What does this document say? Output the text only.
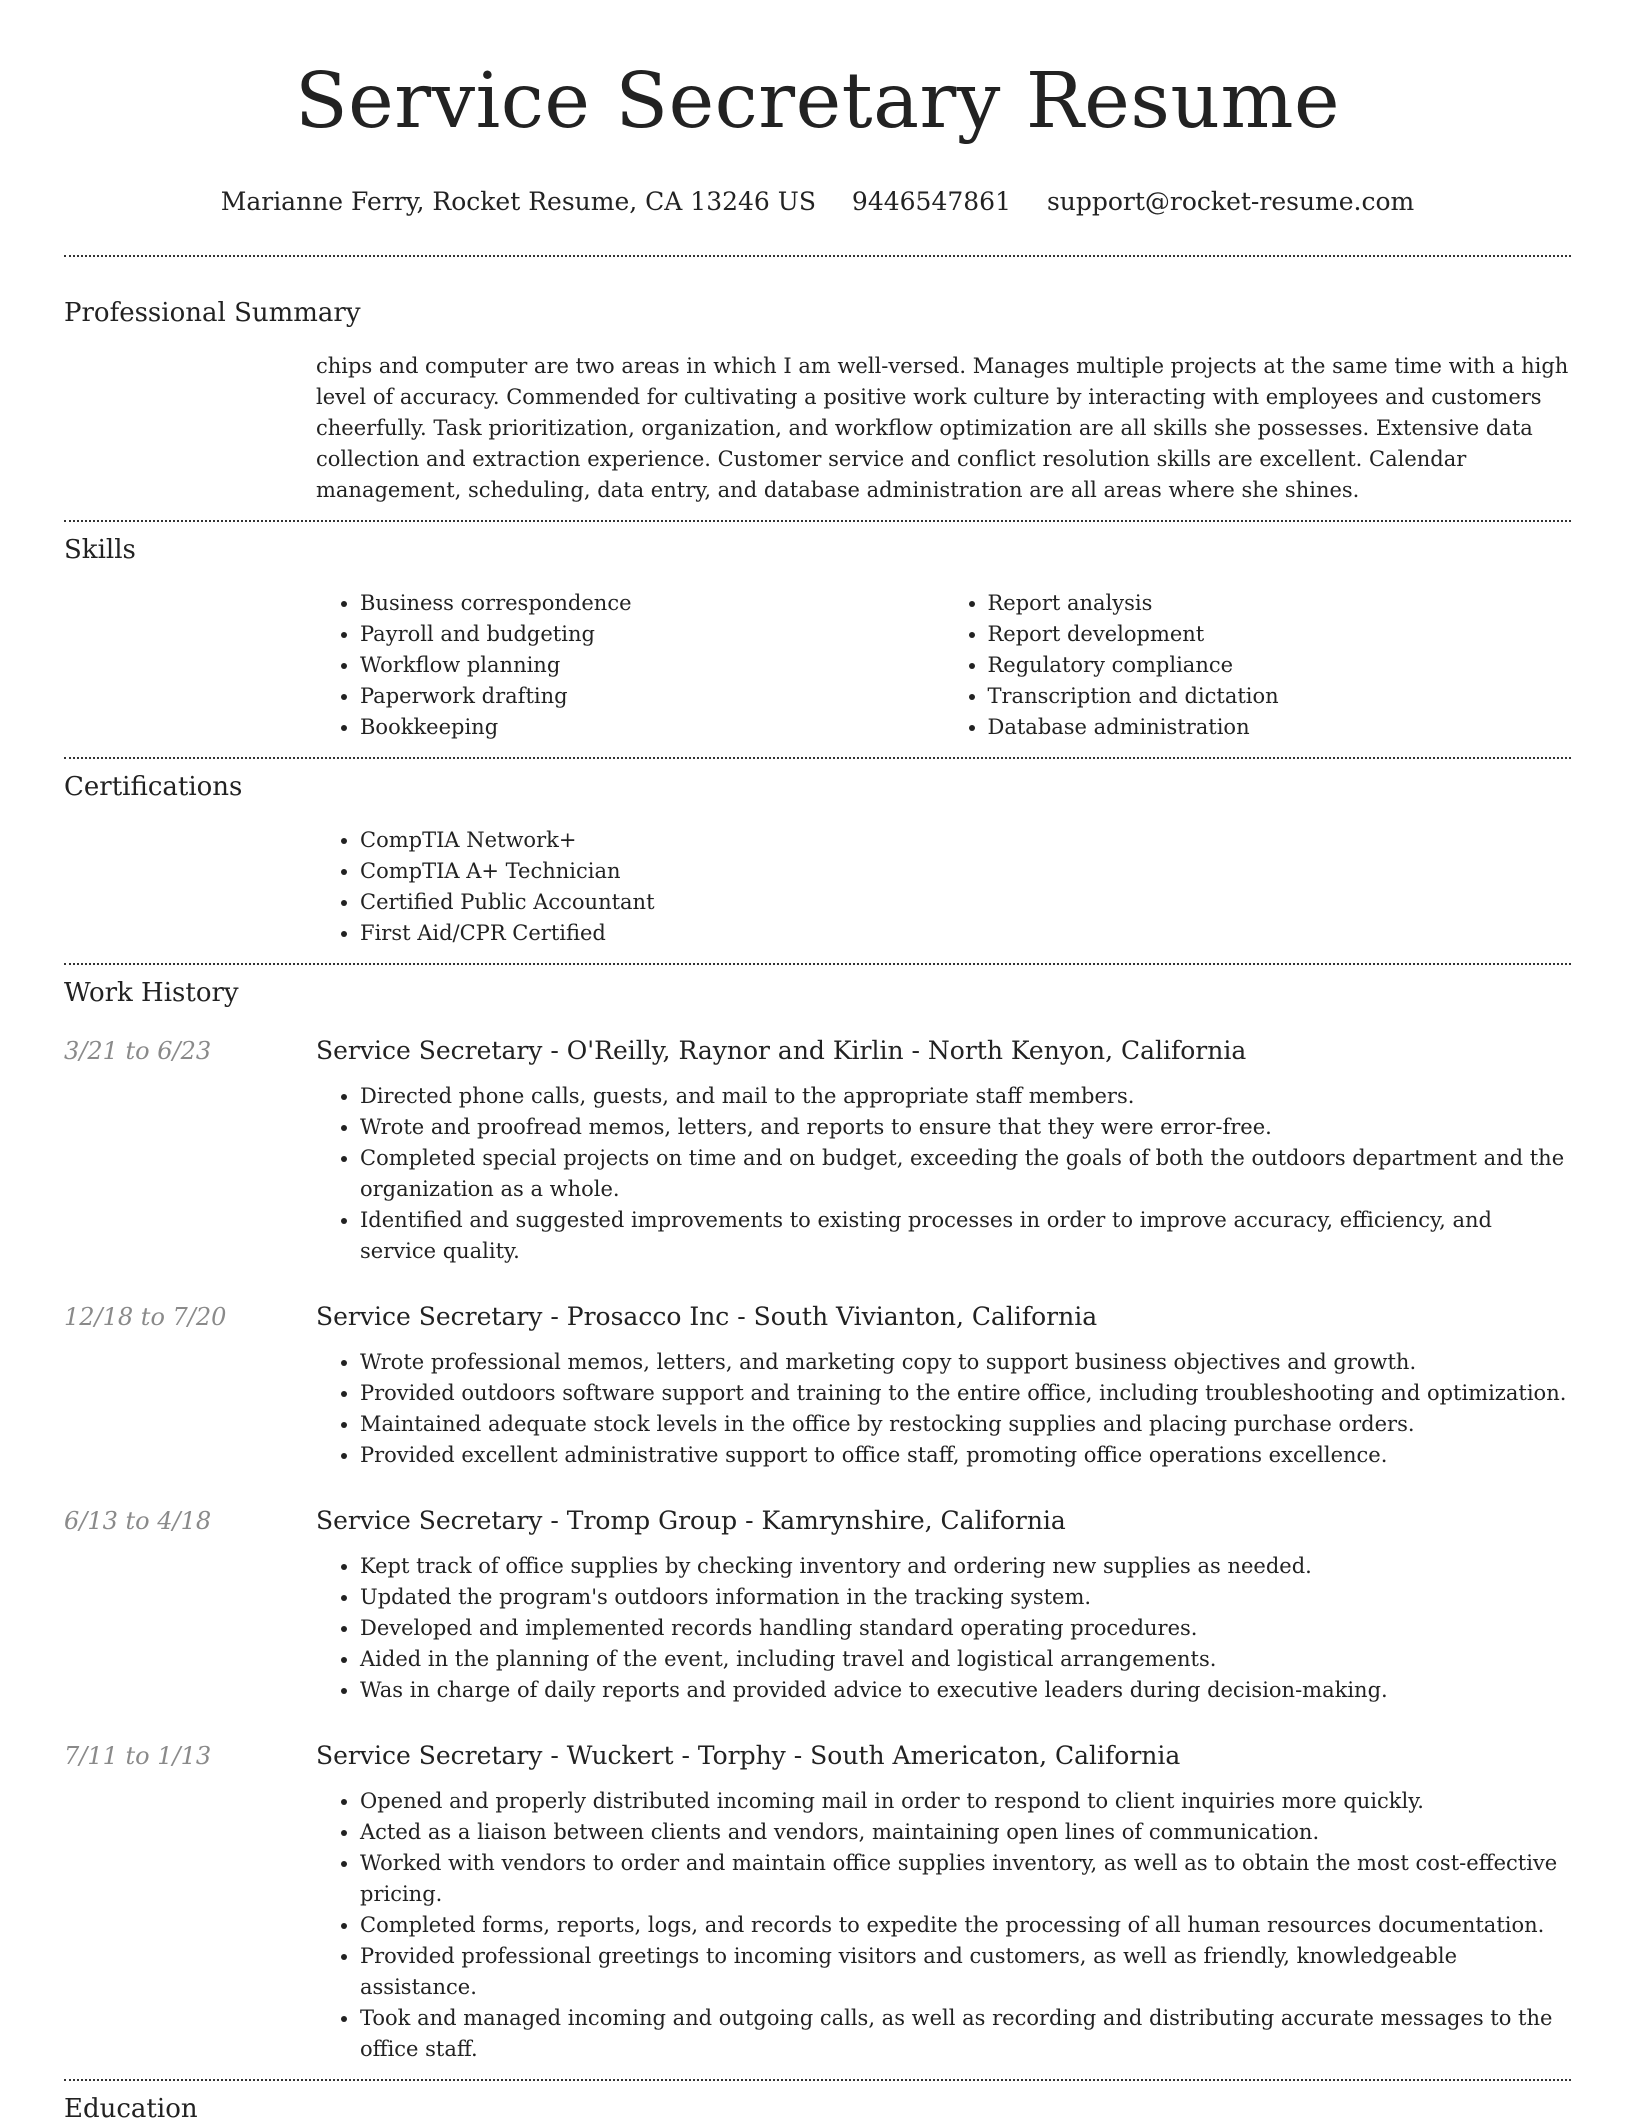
Service Secretary Resume
Marianne Ferry, Rocket Resume, CA 13246 US 9446547861 support@rocket-resume.com
Professional Summary
chips and computer are two areas in which I am well-versed. Manages multiple projects at the same time with a high level of accuracy. Commended for cultivating a positive work culture by interacting with employees and customers cheerfully. Task prioritization, organization, and workflow optimization are all skills she possesses. Extensive data collection and extraction experience. Customer service and conflict resolution skills are excellent. Calendar management, scheduling, data entry, and database administration are all areas where she shines.
Skills
• Business correspondence
• Payroll and budgeting
• Workflow planning
• Paperwork drafting
• Bookkeeping
• Report analysis
• Report development
• Regulatory compliance
• Transcription and dictation
• Database administration
Certifications
• CompTIA Network+
• CompTIA A+ Technician
• Certified Public Accountant
• First Aid/CPR Certified
Work History
3/21 to 6/23	Service Secretary - O'Reilly, Raynor and Kirlin - North Kenyon, California
• Directed phone calls, guests, and mail to the appropriate staff members.
• Wrote and proofread memos, letters, and reports to ensure that they were error-free.
• Completed special projects on time and on budget, exceeding the goals of both the outdoors department and the organization as a whole.
• Identified and suggested improvements to existing processes in order to improve accuracy, efficiency, and service quality.
12/18 to 7/20	Service Secretary - Prosacco Inc - South Vivianton, California
• Wrote professional memos, letters, and marketing copy to support business objectives and growth.
• Provided outdoors software support and training to the entire office, including troubleshooting and optimization.
• Maintained adequate stock levels in the office by restocking supplies and placing purchase orders.
• Provided excellent administrative support to office staff, promoting office operations excellence.
6/13 to 4/18	Service Secretary - Tromp Group - Kamrynshire, California
• Kept track of office supplies by checking inventory and ordering new supplies as needed.
• Updated the program's outdoors information in the tracking system.
• Developed and implemented records handling standard operating procedures.
• Aided in the planning of the event, including travel and logistical arrangements.
• Was in charge of daily reports and provided advice to executive leaders during decision-making.
7/11 to 1/13	Service Secretary - Wuckert - Torphy - South Americaton, California
• Opened and properly distributed incoming mail in order to respond to client inquiries more quickly.
• Acted as a liaison between clients and vendors, maintaining open lines of communication.
• Worked with vendors to order and maintain office supplies inventory, as well as to obtain the most cost-effective pricing.
• Completed forms, reports, logs, and records to expedite the processing of all human resources documentation.
• Provided professional greetings to incoming visitors and customers, as well as friendly, knowledgeable assistance.
• Took and managed incoming and outgoing calls, as well as recording and distributing accurate messages to the office staff.
Education
